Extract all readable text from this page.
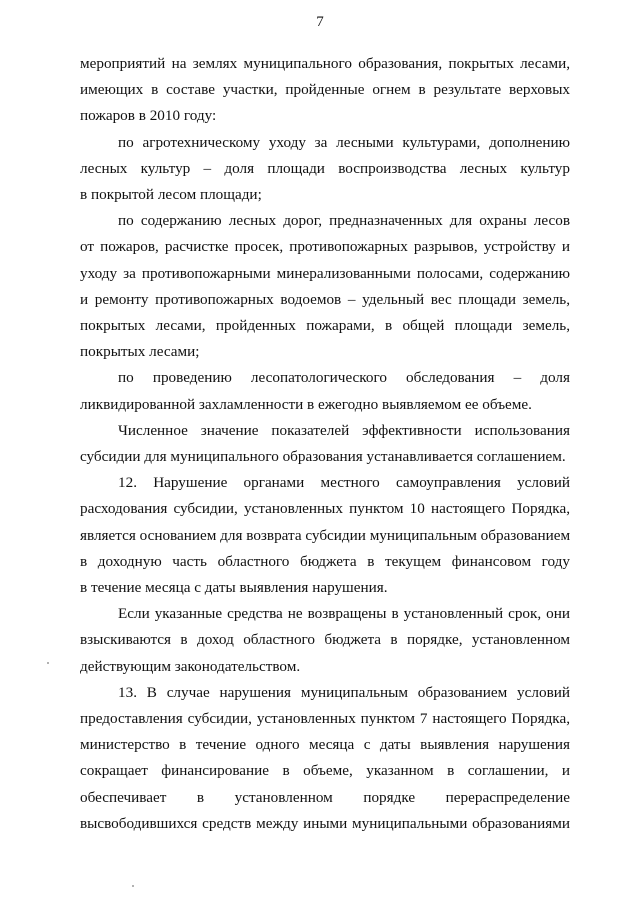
7
мероприятий на землях муниципального образования, покрытых лесами,
имеющих в составе участки, пройденные огнем в результате верховых
пожаров в 2010 году:
по агротехническому уходу за лесными культурами, дополнению
лесных культур – доля площади воспроизводства лесных культур
в покрытой лесом площади;
по содержанию лесных дорог, предназначенных для охраны лесов
от пожаров, расчистке просек, противопожарных разрывов, устройству и
уходу за противопожарными минерализованными полосами, содержанию
и ремонту противопожарных водоемов – удельный вес площади земель,
покрытых лесами, пройденных пожарами, в общей площади земель,
покрытых лесами;
по проведению лесопатологического обследования – доля
ликвидированной захламленности в ежегодно выявляемом ее объеме.
Численное значение показателей эффективности использования
субсидии для муниципального образования устанавливается соглашением.
12. Нарушение органами местного самоуправления условий
расходования субсидии, установленных пунктом 10 настоящего Порядка,
является основанием для возврата субсидии муниципальным образованием
в доходную часть областного бюджета в текущем финансовом году
в течение месяца с даты выявления нарушения.
Если указанные средства не возвращены в установленный срок, они
взыскиваются в доход областного бюджета в порядке, установленном
действующим законодательством.
13. В случае нарушения муниципальным образованием условий
предоставления субсидии, установленных пунктом 7 настоящего Порядка,
министерство в течение одного месяца с даты выявления нарушения
сокращает финансирование в объеме, указанном в соглашении, и
обеспечивает в установленном порядке перераспределение
высвободившихся средств между иными муниципальными образованиями
